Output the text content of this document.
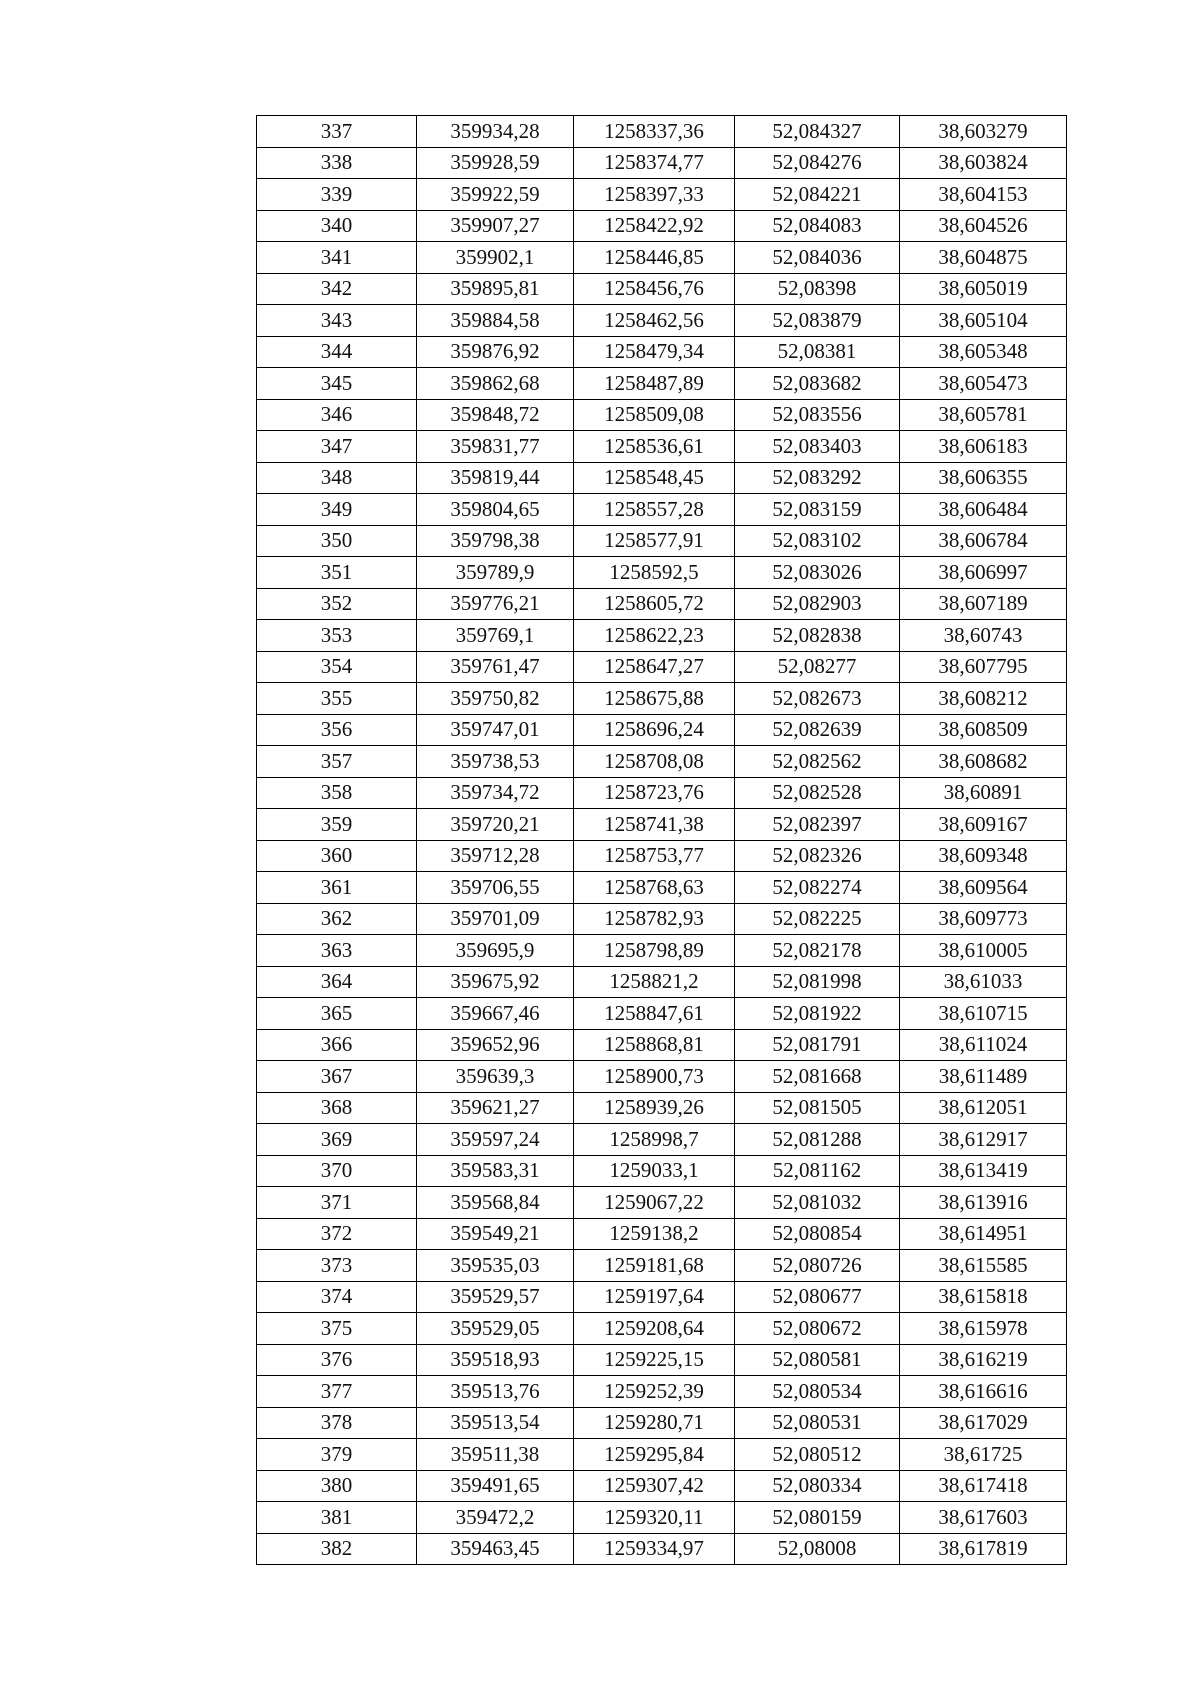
337	359934,28	1258337,36	52,084327	38,603279
338	359928,59	1258374,77	52,084276	38,603824
339	359922,59	1258397,33	52,084221	38,604153
340	359907,27	1258422,92	52,084083	38,604526
341	359902,1	1258446,85	52,084036	38,604875
342	359895,81	1258456,76	52,08398	38,605019
343	359884,58	1258462,56	52,083879	38,605104
344	359876,92	1258479,34	52,08381	38,605348
345	359862,68	1258487,89	52,083682	38,605473
346	359848,72	1258509,08	52,083556	38,605781
347	359831,77	1258536,61	52,083403	38,606183
348	359819,44	1258548,45	52,083292	38,606355
349	359804,65	1258557,28	52,083159	38,606484
350	359798,38	1258577,91	52,083102	38,606784
351	359789,9	1258592,5	52,083026	38,606997
352	359776,21	1258605,72	52,082903	38,607189
353	359769,1	1258622,23	52,082838	38,60743
354	359761,47	1258647,27	52,08277	38,607795
355	359750,82	1258675,88	52,082673	38,608212
356	359747,01	1258696,24	52,082639	38,608509
357	359738,53	1258708,08	52,082562	38,608682
358	359734,72	1258723,76	52,082528	38,60891
359	359720,21	1258741,38	52,082397	38,609167
360	359712,28	1258753,77	52,082326	38,609348
361	359706,55	1258768,63	52,082274	38,609564
362	359701,09	1258782,93	52,082225	38,609773
363	359695,9	1258798,89	52,082178	38,610005
364	359675,92	1258821,2	52,081998	38,61033
365	359667,46	1258847,61	52,081922	38,610715
366	359652,96	1258868,81	52,081791	38,611024
367	359639,3	1258900,73	52,081668	38,611489
368	359621,27	1258939,26	52,081505	38,612051
369	359597,24	1258998,7	52,081288	38,612917
370	359583,31	1259033,1	52,081162	38,613419
371	359568,84	1259067,22	52,081032	38,613916
372	359549,21	1259138,2	52,080854	38,614951
373	359535,03	1259181,68	52,080726	38,615585
374	359529,57	1259197,64	52,080677	38,615818
375	359529,05	1259208,64	52,080672	38,615978
376	359518,93	1259225,15	52,080581	38,616219
377	359513,76	1259252,39	52,080534	38,616616
378	359513,54	1259280,71	52,080531	38,617029
379	359511,38	1259295,84	52,080512	38,61725
380	359491,65	1259307,42	52,080334	38,617418
381	359472,2	1259320,11	52,080159	38,617603
382	359463,45	1259334,97	52,08008	38,617819
